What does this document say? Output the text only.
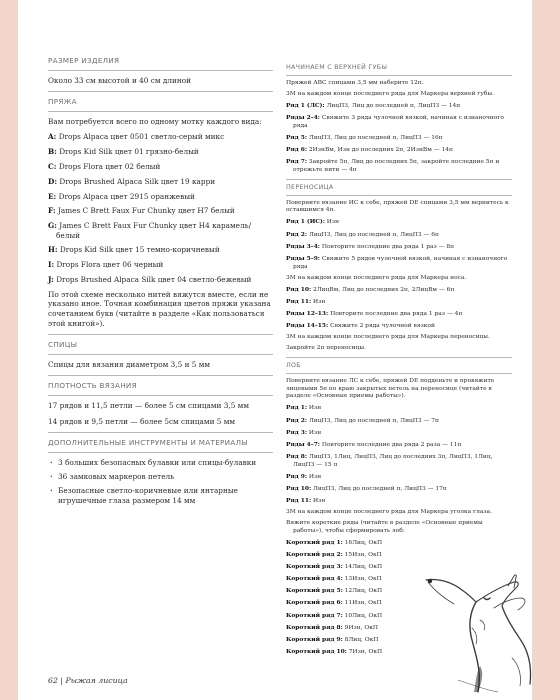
РАЗМЕР ИЗДЕЛИЯ

Около 33 см высотой и 40 см длиной

ПРЯЖА

Вам потребуется всего по одному мотку каждого вида:

A: Drops Alpaca цвет 0501 светло-серый микс

B: Drops Kid Silk цвет 01 грязно-белый

C: Drops Flora цвет 02 белый

D: Drops Brushed Alpaca Silk цвет 19 карри

E: Drops Alpaca цвет 2915 оранжевый

F: James C Brett Faux Fur Chunky цвет H7 белый

G: James C Brett Faux Fur Chunky цвет H4 карамель/белый

H: Drops Kid Silk цвет 15 темно-коричневый

I: Drops Flora цвет 06 черный

J: Drops Brushed Alpaca Silk цвет 04 светло-бежевый

По этой схеме несколько нитей вяжутся вместе, если не указано иное. Точная комбинация цветов пряжи указана сочетанием букв (читайте в разделе «Как пользоваться этой книгой»).

СПИЦЫ

Спицы для вязания диаметром 3,5 и 5 мм

ПЛОТНОСТЬ ВЯЗАНИЯ

17 рядов и 11,5 петли — более 5 см спицами 3,5 мм

14 рядов и 9,5 петли — более 5см спицами 5 мм

ДОПОЛНИТЕЛЬНЫЕ ИНСТРУМЕНТЫ И МАТЕРИАЛЫ
· 3 больших безопасных булавки или спицы-булавки
· 36 замковых маркеров петель
· Безопасные светло-коричневые или янтарные игрушечные глаза размером 14 мм
НАЧИНАЕМ С ВЕРХНЕЙ ГУБЫ

Пряжей ABC спицами 3,5 мм наберите 12п.

3М на каждом конце последнего ряда для Маркера верхней губы.

Ряд 1 (ЛС): ЛицПЗ, Лиц до последней п, ЛицПЗ — 14п

Ряды 2–4: Свяжите 3 ряда чулочной вязкой, начиная с изнаночного ряда

Ряд 5: ЛицПЗ, Лиц до последней п, ЛицПЗ — 16п

Ряд 6: 2ИзнВм, Изн до последних 2п, 2ИзнВм — 14п

Ряд 7: Закройте 5п, Лиц до последних 5п, закройте последние 5п и отрежьте нити — 4п

ПЕРЕНОСИЦА

Поверните вязание ИС к себе, пряжей DE спицами 3,5 мм вернитесь к оставшимся 4п.

Ряд 1 (ИС): Изн

Ряд 2: ЛицПЗ, Лиц до последней п, ЛицПЗ — 6п

Ряды 3–4: Повторите последние два ряда 1 раз — 8п

Ряды 5–9: Свяжите 5 рядов чулочной вязкой, начиная с изнаночного ряда

3М на каждом конце последнего ряда для Маркера носа.

Ряд 10: 2ЛицВм, Лиц до последних 2п, 2ЛицВм — 6п

Ряд 11: Изн

Ряды 12–13: Повторите последние два ряда 1 раз — 4п

Ряды 14–15: Свяжите 2 ряда чулочной вязкой

3М на каждом конце последнего ряда для Маркера переносицы.

Закройте 2п переносицы.

ЛОБ

Поверните вязание ЛС к себе, пряжей DE подденьте и провяжите лицевыми 5п по краю закрытых петель на переносице (читайте в разделе «Основные приемы работы»).

Ряд 1: Изн

Ряд 2: ЛицПЗ, Лиц до последней п, ЛицПЗ — 7п

Ряд 3: Изн

Ряды 4–7: Повторите последние два ряда 2 раза — 11п

Ряд 8: ЛицПЗ, 1Лиц, ЛицПЗ, Лиц до последних 3п, ЛицПЗ, 1Лиц, ЛицПЗ — 15 п

Ряд 9: Изн

Ряд 10: ЛицПЗ, Лиц до последней п, ЛицПЗ — 17п

Ряд 11: Изн

3М на каждом конце последнего ряда для Маркера уголка глаза.

Вяжите короткие ряды (читайте в разделе «Основные приемы работы»), чтобы сформировать лоб:

Короткий ряд 1: 16Лиц, ОкП

Короткий ряд 2: 15Изн, ОкП

Короткий ряд 3: 14Лиц, ОкП

Короткий ряд 4: 13Изн, ОкП

Короткий ряд 5: 12Лиц, ОкП

Короткий ряд 6: 11Изн, ОкП

Короткий ряд 7: 10Лиц, ОкП

Короткий ряд 8: 9Изн, ОкП

Короткий ряд 9: 8Лиц, ОкП

Короткий ряд 10: 7Изн, ОкП

62 | Рыжая лисица
